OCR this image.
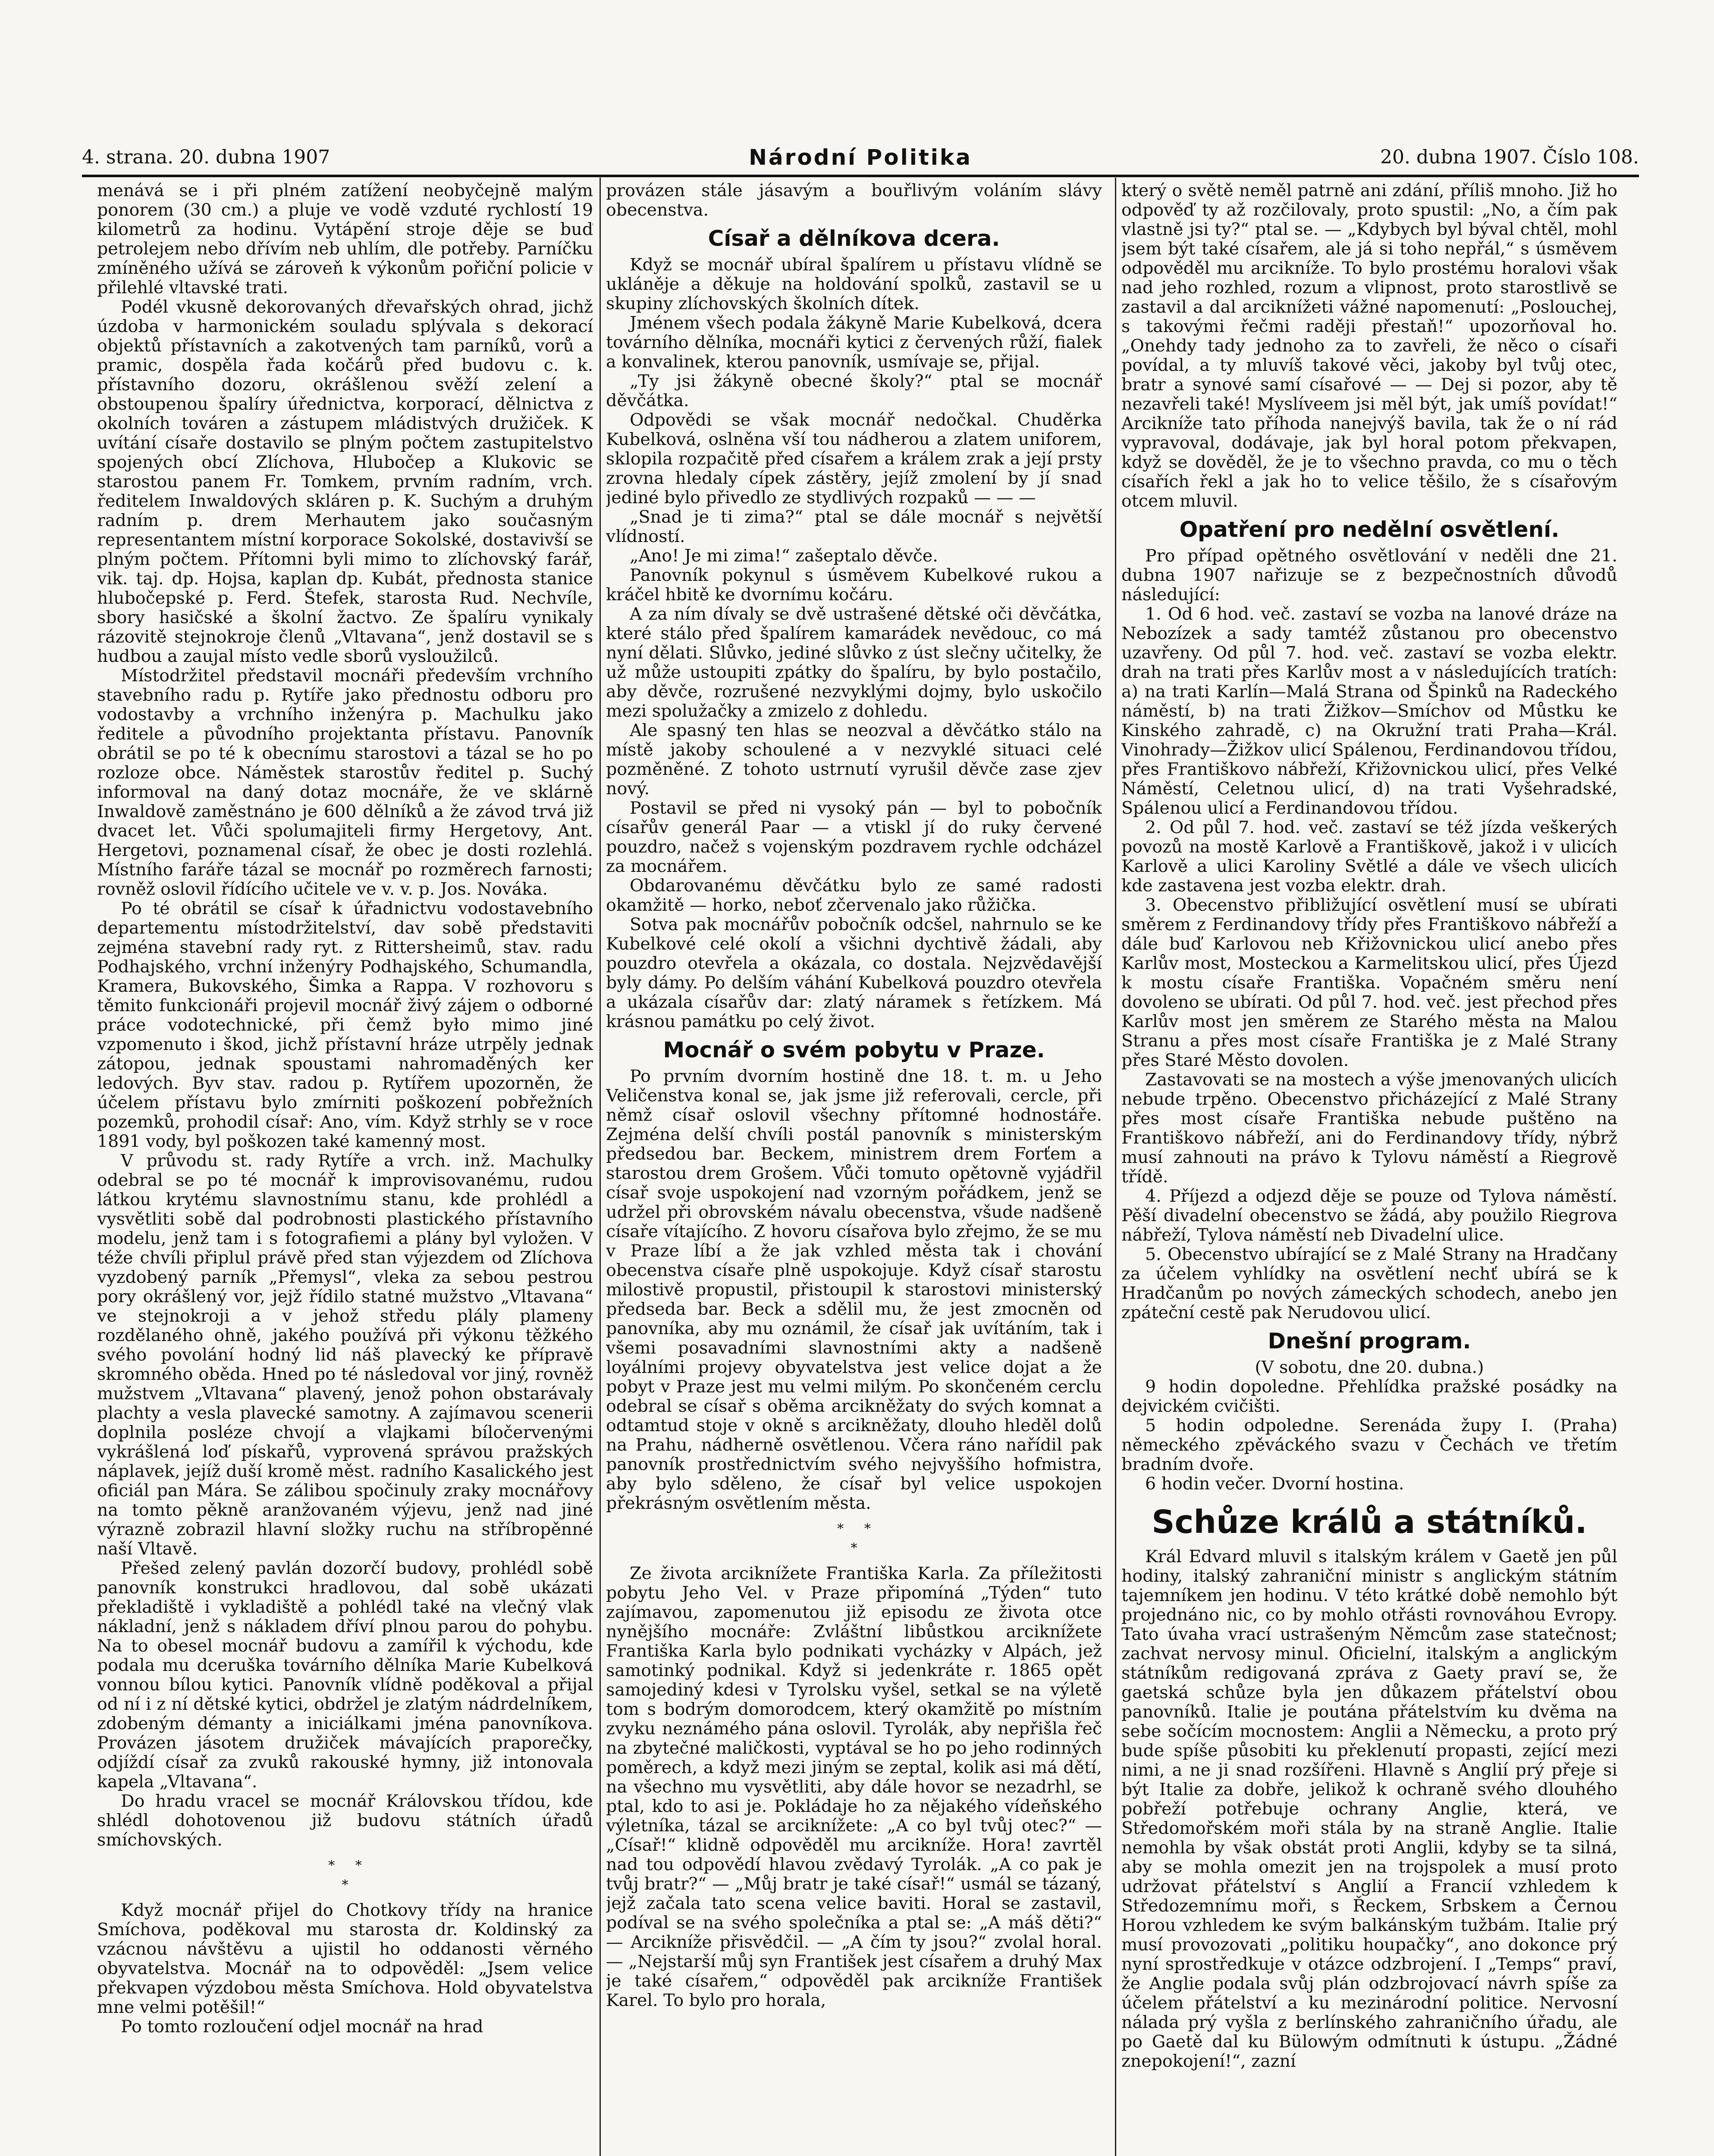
4. strana. 20. dubna 1907	Národní Politika	20. dubna 1907. Číslo 108.

menává se i při plném zatížení neobyčejně malým ponorem (30 cm.) a pluje ve vodě vzduté rychlostí 19 kilometrů za hodinu. Vytápění stroje děje se buď petrolejem nebo dřívím neb uhlím, dle potřeby. Parníčku zmíněného užívá se zároveň k výkonům pořiční policie v přilehlé vltavské trati.

Podél vkusně dekorovaných dřevařských ohrad, jichž úzdoba v harmonickém souladu splývala s dekorací objektů přístavních a zakotvených tam parníků, vorů a pramic, dospěla řada kočárů před budovu c. k. přístavního dozoru, okrášlenou svěží zelení a obstoupenou špalíry úřednictva, korporací, dělnictva z okolních továren a zástupem mládistvých družiček. K uvítání císaře dostavilo se plným počtem zastupitelstvo spojených obcí Zlíchova, Hlubočep a Klukovic se starostou panem Fr. Tomkem, prvním radním, vrch. ředitelem Inwaldových skláren p. K. Suchým a druhým radním p. drem Merhautem jako současným representantem místní korporace Sokolské, dostavivší se plným počtem. Přítomni byli mimo to zlíchovský farář, vik. taj. dp. Hojsa, kaplan dp. Kubát, přednosta stanice hlubočepské p. Ferd. Štefek, starosta Rud. Nechvíle, sbory hasičské a školní žactvo. Ze špalíru vynikaly rázovitě stejnokroje členů „Vltavana“, jenž dostavil se s hudbou a zaujal místo vedle sborů vysloužilců.

Místodržitel představil mocnáři především vrchního stavebního radu p. Rytíře jako přednostu odboru pro vodostavby a vrchního inženýra p. Machulku jako ředitele a původního projektanta přístavu. Panovník obrátil se po té k obecnímu starostovi a tázal se ho po rozloze obce. Náměstek starostův ředitel p. Suchý informoval na daný dotaz mocnáře, že ve sklárně Inwaldově zaměstnáno je 600 dělníků a že závod trvá již dvacet let. Vůči spolumajiteli firmy Hergetovy, Ant. Hergetovi, poznamenal císař, že obec je dosti rozlehlá. Místního faráře tázal se mocnář po rozměrech farnosti; rovněž oslovil řídícího učitele ve v. v. p. Jos. Nováka.

Po té obrátil se císař k úřadnictvu vodostavebního departementu místodržitelství, dav sobě představiti zejména stavební rady ryt. z Rittersheimů, stav. radu Podhajského, vrchní inženýry Podhajského, Schumandla, Kramera, Bukovského, Šimka a Rappa. V rozhovoru s těmito funkcionáři projevil mocnář živý zájem o odborné práce vodotechnické, při čemž było mimo jiné vzpomenuto i škod, jichž přístavní hráze utrpěly jednak zátopou, jednak spoustami nahromaděných ker ledových. Byv stav. radou p. Rytířem upozorněn, že účelem přístavu bylo zmírniti poškození pobřežních pozemků, prohodil císař: Ano, vím. Když strhly se v roce 1891 vody, byl poškozen také kamenný most.

V průvodu st. rady Rytíře a vrch. inž. Machulky odebral se po té mocnář k improvisovanému, rudou látkou krytému slavnostnímu stanu, kde prohlédl a vysvětliti sobě dal podrobnosti plastického přístavního modelu, jenž tam i s fotografiemi a plány byl vyložen. V téže chvíli připlul právě před stan výjezdem od Zlíchova vyzdobený parník „Přemysl“, vleka za sebou pestrou pory okrášlený vor, jejž řídilo statné mužstvo „Vltavana“ ve stejnokroji a v jehož středu plály plameny rozdělaného ohně, jakého používá při výkonu těžkého svého povolání hodný lid náš plavecký ke přípravě skromného oběda. Hned po té následoval vor jiný, rovněž mužstvem „Vltavana“ plavený, jenož pohon obstarávaly plachty a vesla plavecké samotny. A zajímavou scenerii doplnila posléze chvojí a vlajkami bíločervenými vykrášlená loď pískařů, vyprovená správou pražských náplavek, jejíž duší kromě měst. radního Kasalického jest oficiál pan Mára. Se zálibou spočinuly zraky mocnářovy na tomto pěkně aranžovaném výjevu, jenž nad jiné výrazně zobrazil hlavní složky ruchu na stříbropěnné naší Vltavě.

Přešed zelený pavlán dozorčí budovy, prohlédl sobě panovník konstrukci hradlovou, dal sobě ukázati překladiště i vykladiště a pohlédl také na vlečný vlak nákladní, jenž s nákladem dříví plnou parou do pohybu. Na to obesel mocnář budovu a zamířil k východu, kde podala mu dceruška továrního dělníka Marie Kubelková vonnou bílou kytici. Panovník vlídně poděkoval a přijal od ní i z ní dětské kytici, obdržel je zlatým nádrdelníkem, zdobeným démanty a iniciálkami jména panovníkova. Provázen jásotem družiček mávajících praporečky, odjíždí císař za zvuků rakouské hymny, již intonovala kapela „Vltavana“.

Do hradu vracel se mocnář Královskou třídou, kde shlédl dohotovenou již budovu státních úřadů smíchovských.

*     *
*

Když mocnář přijel do Chotkovy třídy na hranice Smíchova, poděkoval mu starosta dr. Koldinský za vzácnou návštěvu a ujistil ho oddanosti věrného obyvatelstva. Mocnář na to odpověděl: „Jsem velice překvapen výzdobou města Smíchova. Hold obyvatelstva mne velmi potěšil!“

Po tomto rozloučení odjel mocnář na hrad

provázen stále jásavým a bouřlivým voláním slávy obecenstva.

Císař a dělníkova dcera.

Když se mocnář ubíral špalírem u přístavu vlídně se ukláněje a děkuje na holdování spolků, zastavil se u skupiny zlíchovských školních dítek.

Jménem všech podala žákyně Marie Kubelková, dcera továrního dělníka, mocnáři kytici z červených růží, fialek a konvalinek, kterou panovník, usmívaje se, přijal.

„Ty jsi žákyně obecné školy?“ ptal se mocnář děvčátka.

Odpovědi se však mocnář nedočkal. Chuděrka Kubelková, oslněna vší tou nádherou a zlatem uniforem, sklopila rozpačitě před císařem a králem zrak a její prsty zrovna hledaly cípek zástěry, jejíž zmolení by jí snad jediné bylo přivedlo ze stydlivých rozpaků — — —

„Snad je ti zima?“ ptal se dále mocnář s největší vlídností.

„Ano! Je mi zima!“ zašeptalo děvče.

Panovník pokynul s úsměvem Kubelkové rukou a kráčel hbitě ke dvornímu kočáru.

A za ním dívaly se dvě ustrašené dětské oči děvčátka, které stálo před špalírem kamarádek nevědouc, co má nyní dělati. Slůvko, jediné slůvko z úst slečny učitelky, že už může ustoupiti zpátky do špalíru, by bylo postačilo, aby děvče, rozrušené nezvyklými dojmy, bylo uskočilo mezi spolužačky a zmizelo z dohledu.

Ale spasný ten hlas se neozval a děvčátko stálo na místě jakoby schoulené a v nezvyklé situaci celé pozměněné. Z tohoto ustrnutí vyrušil děvče zase zjev nový.

Postavil se před ni vysoký pán — byl to pobočník císařův generál Paar — a vtiskl jí do ruky červené pouzdro, načež s vojenským pozdravem rychle odcházel za mocnářem.

Obdarovanému děvčátku bylo ze samé radosti okamžitě — horko, neboť zčervenalo jako růžička.

Sotva pak mocnářův pobočník odcšel, nahrnulo se ke Kubelkové celé okolí a všichni dychtivě žádali, aby pouzdro otevřela a okázala, co dostala. Nejzvědavější byly dámy. Po delším váhání Kubelková pouzdro otevřela a ukázala císařův dar: zlatý náramek s řetízkem. Má krásnou památku po celý život.

Mocnář o svém pobytu v Praze.

Po prvním dvorním hostině dne 18. t. m. u Jeho Veličenstva konal se, jak jsme již referovali, cercle, při němž císař oslovil všechny přítomné hodnostáře. Zejména delší chvíli postál panovník s ministerským předsedou bar. Beckem, ministrem drem Forťem a starostou drem Grošem. Vůči tomuto opětovně vyjádřil císař svoje uspokojení nad vzorným pořádkem, jenž se udržel při obrovském návalu obecenstva, všude nadšeně císaře vítajícího. Z hovoru císařova bylo zřejmo, že se mu v Praze líbí a že jak vzhled města tak i chování obecenstva císaře plně uspokojuje. Když císař starostu milostivě propustil, přistoupil k starostovi ministerský předseda bar. Beck a sdělil mu, že jest zmocněn od panovníka, aby mu oznámil, že císař jak uvítáním, tak i všemi posavadními slavnostními akty a nadšeně loyálními projevy obyvatelstva jest velice dojat a že pobyt v Praze jest mu velmi milým. Po skončeném cerclu odebral se císař s oběma arcikněžaty do svých komnat a odtamtud stoje v okně s arcikněžaty, dlouho hleděl dolů na Prahu, nádherně osvětlenou. Včera ráno nařídil pak panovník prostřednictvím svého nejvyššího hofmistra, aby bylo sděleno, že císař byl velice uspokojen překrásným osvětlením města.

*     *
*

Ze života arciknížete Františka Karla. Za příležitosti pobytu Jeho Vel. v Praze připomíná „Týden“ tuto zajímavou, zapomenutou již episodu ze života otce nynějšího mocnáře: Zvláštní libůstkou arciknížete Františka Karla bylo podnikati vycházky v Alpách, jež samotinký podnikal. Když si jedenkráte r. 1865 opět samojediný kdesi v Tyrolsku vyšel, setkal se na výletě tom s bodrým domorodcem, který okamžitě po místním zvyku neznámého pána oslovil. Tyrolák, aby nepřišla řeč na zbytečné maličkosti, vyptával se ho po jeho rodinných poměrech, a když mezi jiným se zeptal, kolik asi má dětí, na všechno mu vysvětliti, aby dále hovor se nezadrhl, se ptal, kdo to asi je. Pokládaje ho za nějakého vídeňského výletníka, tázal se arciknížete: „A co byl tvůj otec?“ — „Císař!“ klidně odpověděl mu arcikníže. Hora! zavrtěl nad tou odpovědí hlavou zvědavý Tyrolák. „A co pak je tvůj bratr?“ — „Můj bratr je také císař!“ usmál se tázaný, jejž začala tato scena velice baviti. Horal se zastavil, podíval se na svého společníka a ptal se: „A máš děti?“ — Arcikníže přisvědčil. — „A čím ty jsou?“ zvolal horal. — „Nejstarší můj syn František jest císařem a druhý Max je také císařem,“ odpověděl pak arcikníže František Karel. To bylo pro horala,

který o světě neměl patrně ani zdání, příliš mnoho. Již ho odpověď ty až rozčilovaly, proto spustil: „No, a čím pak vlastně jsi ty?“ ptal se. — „Kdybych byl býval chtěl, mohl jsem být také císařem, ale já si toho nepřál,“ s úsměvem odpověděl mu arcikníže. To bylo prostému horalovi však nad jeho rozhled, rozum a vlipnost, proto starostlivě se zastavil a dal arciknížeti vážné napomenutí: „Poslouchej, s takovými řečmi raději přestaň!“ upozorňoval ho. „Onehdy tady jednoho za to zavřeli, že něco o císaři povídal, a ty mluvíš takové věci, jakoby byl tvůj otec, bratr a synové samí císařové — — Dej si pozor, aby tě nezavřeli také! Myslíveem jsi měl být, jak umíš povídat!“ Arcikníže tato příhoda nanejvýš bavila, tak že o ní rád vypravoval, dodávaje, jak byl horal potom překvapen, když se dověděl, že je to všechno pravda, co mu o těch císařích řekl a jak ho to velice těšilo, že s císařovým otcem mluvil.

Opatření pro nedělní osvětlení.

Pro případ opětného osvětlování v neděli dne 21. dubna 1907 nařizuje se z bezpečnostních důvodů následující:

1. Od 6 hod. več. zastaví se vozba na lanové dráze na Nebozízek a sady tamtéž zůstanou pro obecenstvo uzavřeny. Od půl 7. hod. več. zastaví se vozba elektr. drah na trati přes Karlův most a v následujících tratích: a) na trati Karlín—Malá Strana od Špinků na Radeckého náměstí, b) na trati Žižkov—Smíchov od Můstku ke Kinského zahradě, c) na Okružní trati Praha—Král. Vinohrady—Žižkov ulicí Spálenou, Ferdinandovou třídou, přes Františkovo nábřeží, Křižovnickou ulicí, přes Velké Náměstí, Celetnou ulicí, d) na trati Vyšehradské, Spálenou ulicí a Ferdinandovou třídou.

2. Od půl 7. hod. več. zastaví se též jízda veškerých povozů na mostě Karlově a Františkově, jakož i v ulicích Karlově a ulici Karoliny Světlé a dále ve všech ulicích kde zastavena jest vozba elektr. drah.

3. Obecenstvo přibližující osvětlení musí se ubírati směrem z Ferdinandovy třídy přes Františkovo nábřeží a dále buď Karlovou neb Křižovnickou ulicí anebo přes Karlův most, Mosteckou a Karmelitskou ulicí, přes Újezd k mostu císaře Františka. Vopačném směru není dovoleno se ubírati. Od půl 7. hod. več. jest přechod přes Karlův most jen směrem ze Starého města na Malou Stranu a přes most císaře Františka je z Malé Strany přes Staré Město dovolen.

Zastavovati se na mostech a výše jmenovaných ulicích nebude trpěno. Obecenstvo přicházející z Malé Strany přes most císaře Františka nebude puštěno na Františkovo nábřeží, ani do Ferdinandovy třídy, nýbrž musí zahnouti na právo k Tylovu náměstí a Riegrově třídě.

4. Příjezd a odjezd děje se pouze od Tylova náměstí. Pěší divadelní obecenstvo se žádá, aby použilo Riegrova nábřeží, Tylova náměstí neb Divadelní ulice.

5. Obecenstvo ubírající se z Malé Strany na Hradčany za účelem vyhlídky na osvětlení nechť ubírá se k Hradčanům po nových zámeckých schodech, anebo jen zpáteční cestě pak Nerudovou ulicí.

Dnešní program.

(V sobotu, dne 20. dubna.)

9 hodin dopoledne. Přehlídka pražské posádky na dejvickém cvičišti.

5 hodin odpoledne. Serenáda župy I. (Praha) německého zpěváckého svazu v Čechách ve třetím bradním dvoře.

6 hodin večer. Dvorní hostina.

Schůze králů a státníků.

Král Edvard mluvil s italským králem v Gaetě jen půl hodiny, italský zahraniční ministr s anglickým státním tajemníkem jen hodinu. V této krátké době nemohlo být projednáno nic, co by mohlo otřásti rovnováhou Evropy. Tato úvaha vrací ustrašeným Němcům zase statečnost; zachvat nervosy minul. Oficielní, italským a anglickým státníkům redigovaná zpráva z Gaety praví se, že gaetská schůze byla jen důkazem přátelství obou panovníků. Italie je poutána přátelstvím ku dvěma na sebe sočícím mocnostem: Anglii a Německu, a proto prý bude spíše působiti ku překlenutí propasti, zející mezi nimi, a ne ji snad rozšířeni. Hlavně s Anglií prý přeje si být Italie za dobře, jelikož k ochraně svého dlouhého pobřeží potřebuje ochrany Anglie, která, ve Středomořském moři stála by na straně Anglie. Italie nemohla by však obstát proti Anglii, kdyby se ta silná, aby se mohla omezit jen na trojspolek a musí proto udržovat přátelství s Anglií a Francií vzhledem k Středozemnímu moři, s Řeckem, Srbskem a Černou Horou vzhledem ke svým balkánským tužbám. Italie prý musí provozovati „politiku houpačky“, ano dokonce prý nyní sprostředkuje v otázce odzbrojení. I „Temps“ praví, že Anglie podala svůj plán odzbrojovací návrh spíše za účelem přátelství a ku mezinárodní politice. Nervosní nálada prý vyšla z berlínského zahraničního úřadu, ale po Gaetě dal ku Bülowým odmítnuti k ústupu. „Žádné znepokojení!“, zazní
